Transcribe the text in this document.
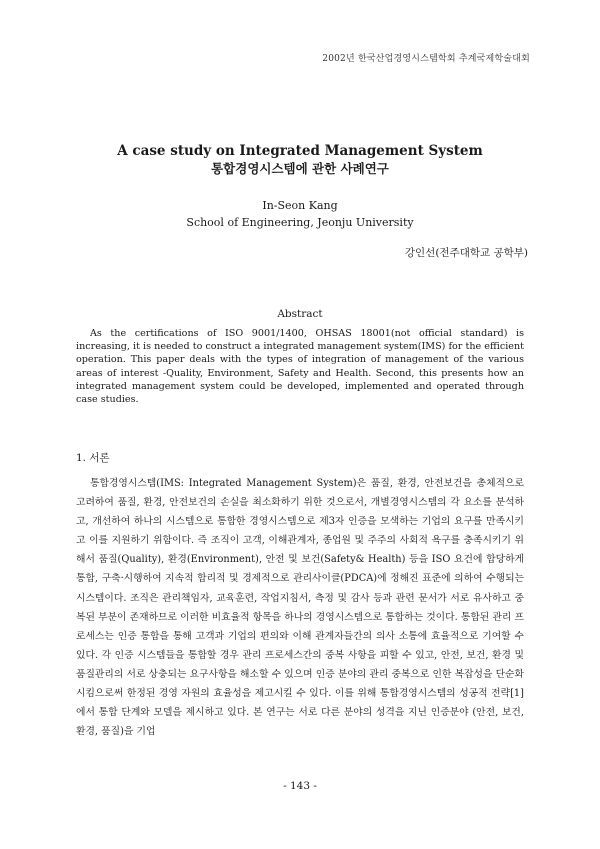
2002년 한국산업경영시스템학회 추계국제학술대회
A case study on Integrated Management System
통합경영시스템에 관한 사례연구
In-Seon Kang
School of Engineering, Jeonju University
강인선(전주대학교 공학부)
Abstract
As the certifications of ISO 9001/1400, OHSAS 18001(not official standard) is increasing, it is needed to construct a integrated management system(IMS) for the efficient operation. This paper deals with the types of integration of management of the various areas of interest -Quality, Environment, Safety and Health. Second, this presents how an integrated management system could be developed, implemented and operated through case studies.
1. 서론
통합경영시스템(IMS: Integrated Management System)은 품질, 환경, 안전보건을 총체적으로 고려하여 품질, 환경, 안전보건의 손실을 최소화하기 위한 것으로서, 개별경영시스템의 각 요소를 분석하고, 개선하여 하나의 시스템으로 통합한 경영시스템으로 제3자 인증을 모색하는 기업의 요구를 만족시키고 이를 지원하기 위함이다. 즉 조직이 고객, 이해관계자, 종업원 및 주주의 사회적 욕구를 충족시키기 위해서 품질(Quality), 환경(Environment), 안전 및 보건(Safety& Health) 등을 ISO 요건에 합당하게 통합, 구축·시행하여 지속적 합리적 및 경제적으로 관리사이클(PDCA)에 정해진 표준에 의하여 수행되는 시스템이다. 조직은 관리책임자, 교육훈련, 작업지침서, 측정 및 감사 등과 관련 문서가 서로 유사하고 중복된 부분이 존재하므로 이러한 비효율적 항목을 하나의 경영시스템으로 통합하는 것이다. 통합된 관리 프로세스는 인증 통합을 통해 고객과 기업의 편의와 이해 관계자들간의 의사 소통에 효율적으로 기여할 수 있다. 각 인증 시스템들을 통합할 경우 관리 프로세스간의 중복 사항을 피할 수 있고, 안전, 보건, 환경 및 품질관리의 서로 상충되는 요구사항을 해소할 수 있으며 인증 분야의 관리 중복으로 인한 복잡성을 단순화시킴으로써 한정된 경영 자원의 효율성을 제고시킬 수 있다. 이를 위해 통합경영시스템의 성공적 전략[1]에서 통합 단계와 모델을 제시하고 있다. 본 연구는 서로 다른 분야의 성격을 지닌 인증분야 (안전, 보건, 환경, 품질)을 기업
- 143 -
